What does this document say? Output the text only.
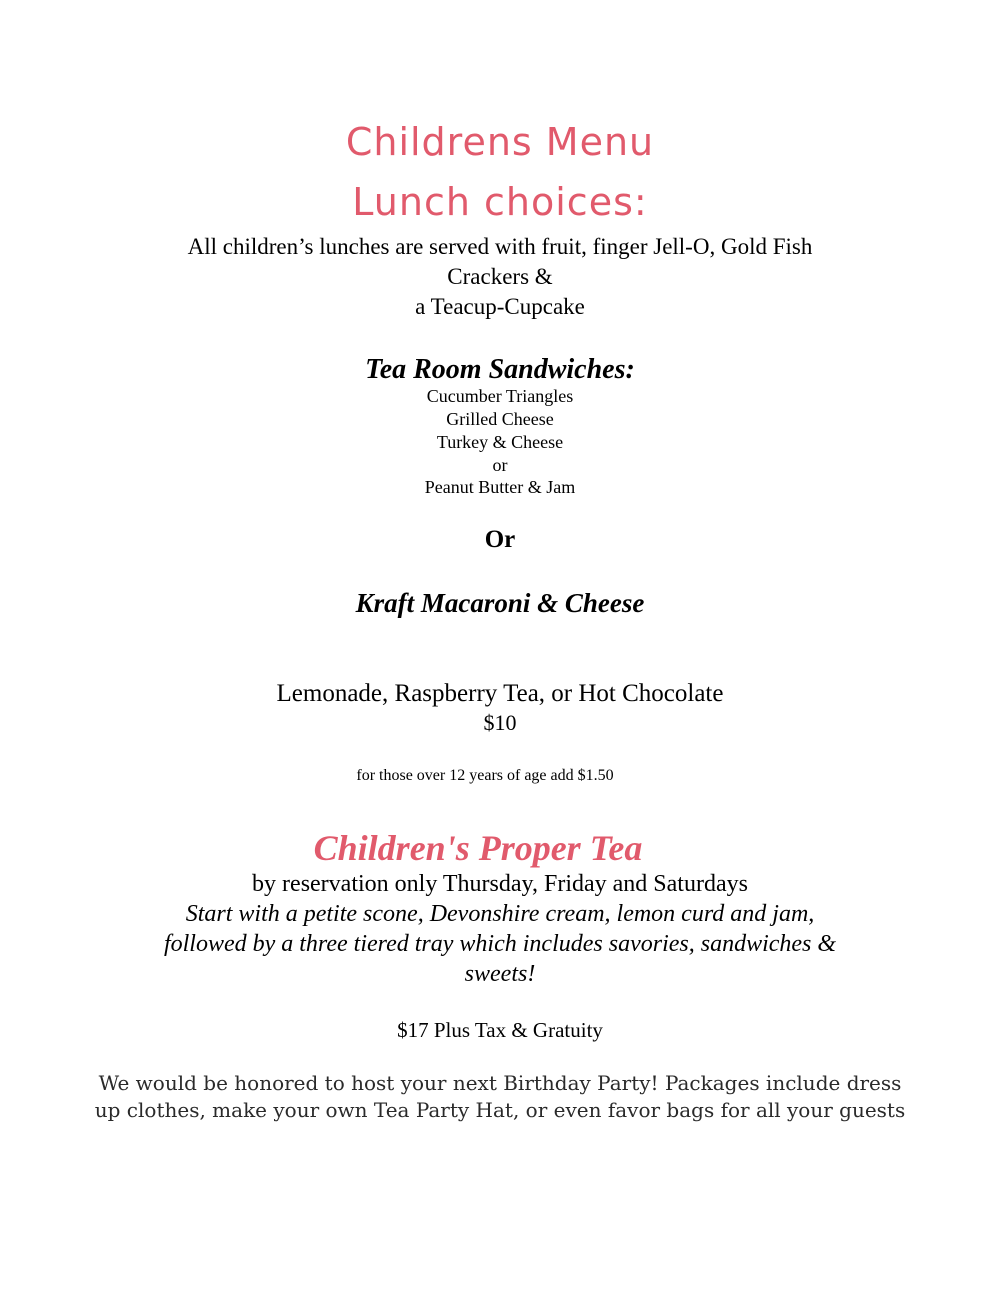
Childrens Menu
Lunch choices:
All children’s lunches are served with fruit, finger Jell-O, Gold Fish
Crackers &
a Teacup-Cupcake
Tea Room Sandwiches:
Cucumber Triangles
Grilled Cheese
Turkey & Cheese
or
Peanut Butter & Jam
Or
Kraft Macaroni & Cheese
Lemonade, Raspberry Tea, or Hot Chocolate
$10
for those over 12 years of age add $1.50
Children's Proper Tea
by reservation only Thursday, Friday and Saturdays
Start with a petite scone, Devonshire cream, lemon curd and jam,
followed by a three tiered tray which includes savories, sandwiches &
sweets!
$17 Plus Tax & Gratuity
We would be honored to host your next Birthday Party! Packages include dress
up clothes, make your own Tea Party Hat, or even favor bags for all your guests
